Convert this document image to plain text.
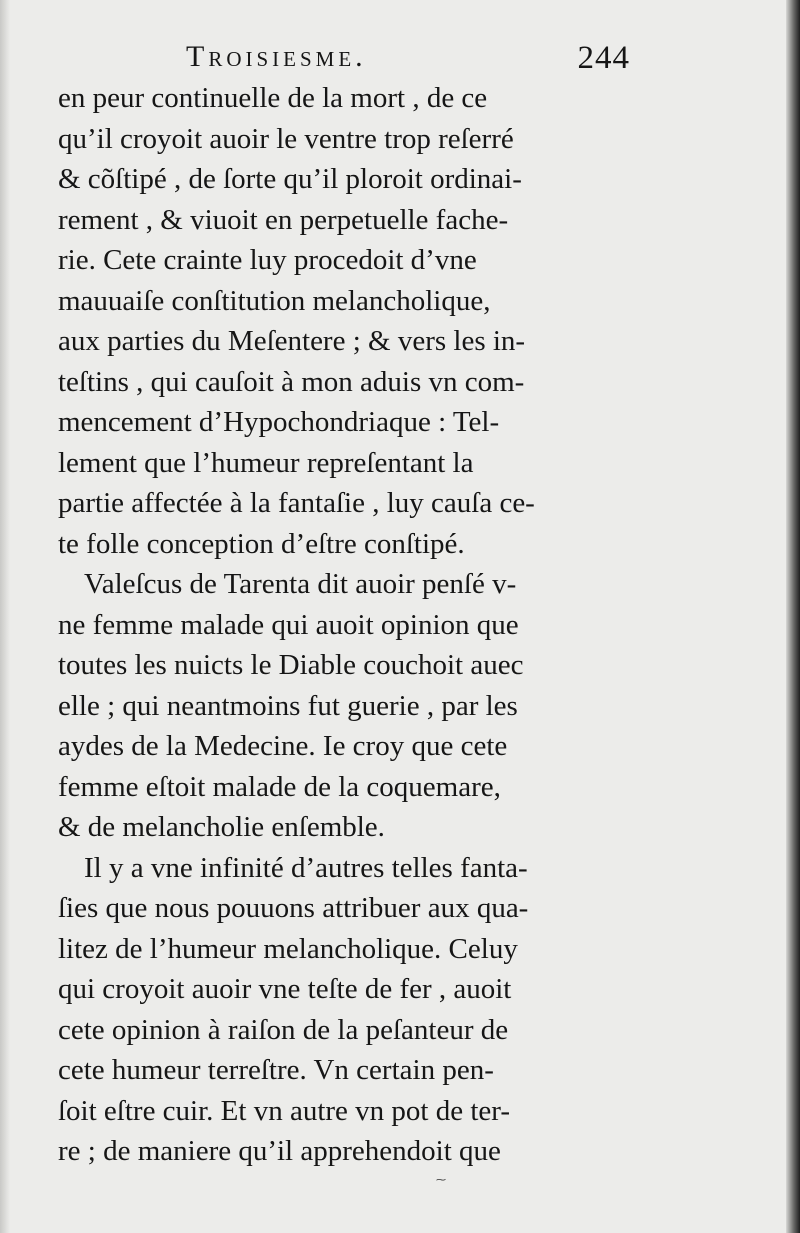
Troisiesme.	244
en peur continuelle de la mort , de ce
qu’il croyoit auoir le ventre trop reſerré
& cõſtipé , de ſorte qu’il ploroit ordinai-
rement , & viuoit en perpetuelle fache-
rie. Cete crainte luy procedoit d’vne
mauuaiſe conſtitution melancholique,
aux parties du Meſentere ; & vers les in-
teſtins , qui cauſoit à mon aduis vn com-
mencement d’Hypochondriaque : Tel-
lement que l’humeur repreſentant la
partie affectée à la fantaſie , luy cauſa ce-
te folle conception d’eſtre conſtipé.
Valeſcus de Tarenta dit auoir penſé v-
ne femme malade qui auoit opinion que
toutes les nuicts le Diable couchoit auec
elle ; qui neantmoins fut guerie , par les
aydes de la Medecine. Ie croy que cete
femme eſtoit malade de la coquemare,
& de melancholie enſemble.
Il y a vne infinité d’autres telles fanta-
ſies que nous pouuons attribuer aux qua-
litez de l’humeur melancholique. Celuy
qui croyoit auoir vne teſte de fer , auoit
cete opinion à raiſon de la peſanteur de
cete humeur terreſtre. Vn certain pen-
ſoit eſtre cuir. Et vn autre vn pot de ter-
re ; de maniere qu’il apprehendoit que
⁓
